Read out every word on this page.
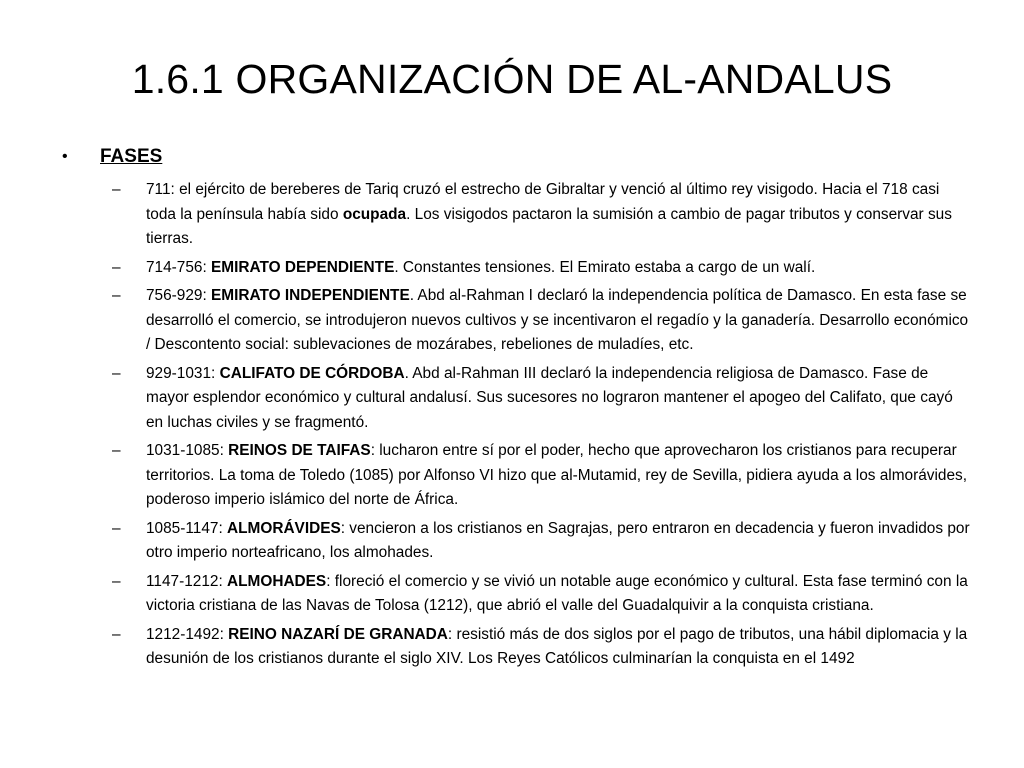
1.6.1 ORGANIZACIÓN DE AL-ANDALUS
•	FASES
– 711: el ejército de bereberes de Tariq cruzó el estrecho de Gibraltar y venció al último rey visigodo. Hacia el 718 casi toda la península había sido ocupada. Los visigodos pactaron la sumisión a cambio de pagar tributos y conservar sus tierras.
– 714-756: EMIRATO DEPENDIENTE. Constantes tensiones. El Emirato estaba a cargo de un walí.
– 756-929: EMIRATO INDEPENDIENTE. Abd al-Rahman I declaró la independencia política de Damasco. En esta fase se desarrolló el comercio, se introdujeron nuevos cultivos y se incentivaron el regadío y la ganadería. Desarrollo económico / Descontento social: sublevaciones de mozárabes, rebeliones de muladíes, etc.
– 929-1031: CALIFATO DE CÓRDOBA. Abd al-Rahman III declaró la independencia religiosa de Damasco. Fase de mayor esplendor económico y cultural andalusí. Sus sucesores no lograron mantener el apogeo del Califato, que cayó en luchas civiles y se fragmentó.
– 1031-1085: REINOS DE TAIFAS: lucharon entre sí por el poder, hecho que aprovecharon los cristianos para recuperar territorios. La toma de Toledo (1085) por Alfonso VI hizo que al-Mutamid, rey de Sevilla, pidiera ayuda a los almorávides, poderoso imperio islámico del norte de África.
– 1085-1147: ALMORÁVIDES: vencieron a los cristianos en Sagrajas, pero entraron en decadencia y fueron invadidos por otro imperio norteafricano, los almohades.
– 1147-1212: ALMOHADES: floreció el comercio y se vivió un notable auge económico y cultural. Esta fase terminó con la victoria cristiana de las Navas de Tolosa (1212), que abrió el valle del Guadalquivir a la conquista cristiana.
– 1212-1492: REINO NAZARÍ DE GRANADA: resistió más de dos siglos por el pago de tributos, una hábil diplomacia y la desunión de los cristianos durante el siglo XIV. Los Reyes Católicos culminarían la conquista en el 1492
